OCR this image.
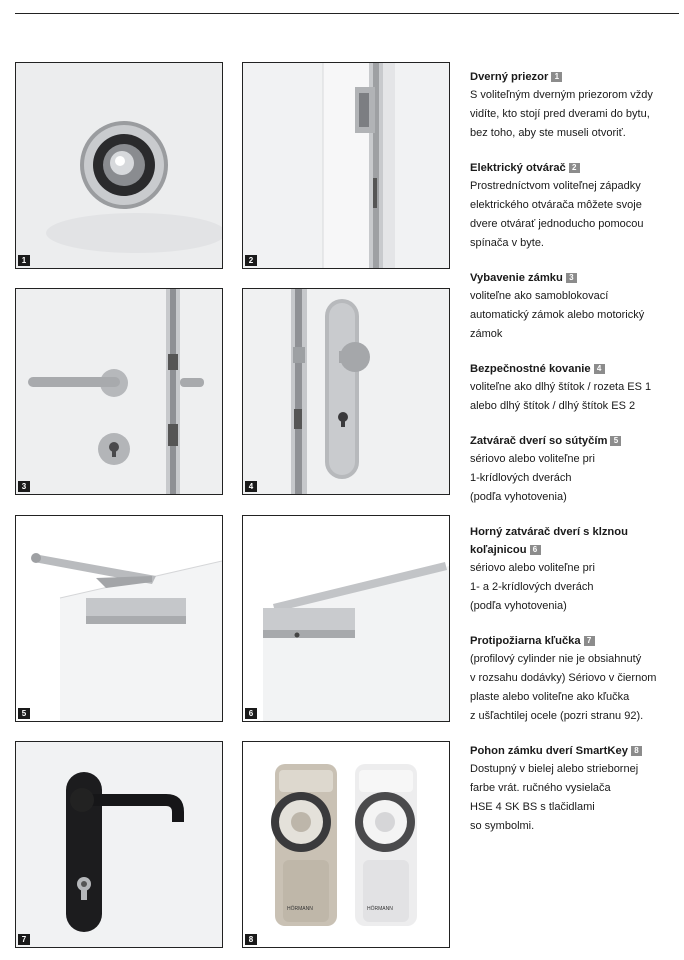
1	2
3	4
5	6
7
HÖRMANN	HÖRMANN
8
Dverný priezor 1

S voliteľným dverným priezorom vždy
vidíte, kto stojí pred dverami do bytu,
bez toho, aby ste museli otvoriť.

Elektrický otvárač 2

Prostredníctvom voliteľnej západky
elektrického otvárača môžete svoje
dvere otvárať jednoducho pomocou
spínača v byte.

Vybavenie zámku 3

voliteľne ako samoblokovací
automatický zámok alebo motorický
zámok

Bezpečnostné kovanie 4

voliteľne ako dlhý štítok / rozeta ES 1
alebo dlhý štítok / dlhý štítok ES 2

Zatvárač dverí so sútyčím 5

sériovo alebo voliteľne pri
1-krídlových dverách
(podľa vyhotovenia)

Horný zatvárač dverí s klznou
koľajnicou 6

sériovo alebo voliteľne pri
1- a 2-krídlových dverách
(podľa vyhotovenia)

Protipožiarna kľučka 7

(profilový cylinder nie je obsiahnutý
v rozsahu dodávky) Sériovo v čiernom
plaste alebo voliteľne ako kľučka
z ušľachtilej ocele (pozri stranu 92).

Pohon zámku dverí SmartKey 8

Dostupný v bielej alebo striebornej
farbe vrát. ručného vysielača
HSE 4 SK BS s tlačidlami
so symbolmi.
